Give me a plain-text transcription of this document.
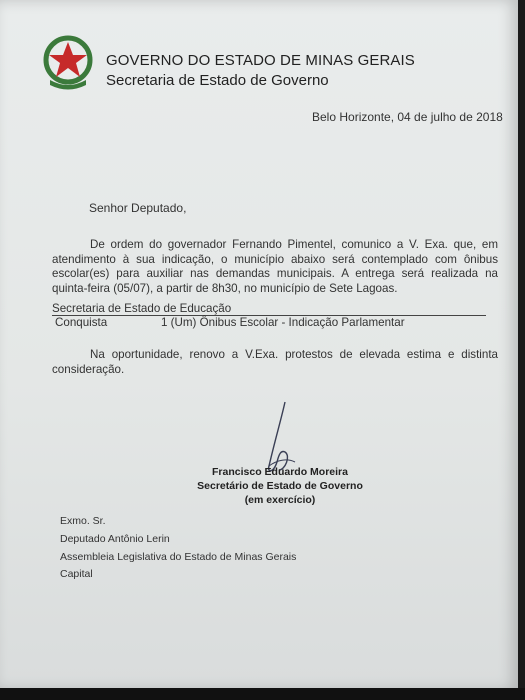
GOVERNO DO ESTADO DE MINAS GERAIS
Secretaria de Estado de Governo
Belo Horizonte, 04 de julho de 2018
Senhor Deputado,

De ordem do governador Fernando Pimentel, comunico a V. Exa. que, em atendimento à sua indicação, o município abaixo será contemplado com ônibus escolar(es) para auxiliar nas demandas municipais. A entrega será realizada na quinta-feira (05/07), a partir de 8h30, no município de Sete Lagoas.

Secretaria de Estado de Educação
Conquista	1 (Um) Ônibus Escolar - Indicação Parlamentar

Na oportunidade, renovo a V.Exa. protestos de elevada estima e distinta consideração.

Francisco Eduardo Moreira
Secretário de Estado de Governo
(em exercício)
Exmo. Sr.
Deputado Antônio Lerin
Assembleia Legislativa do Estado de Minas Gerais
Capital
